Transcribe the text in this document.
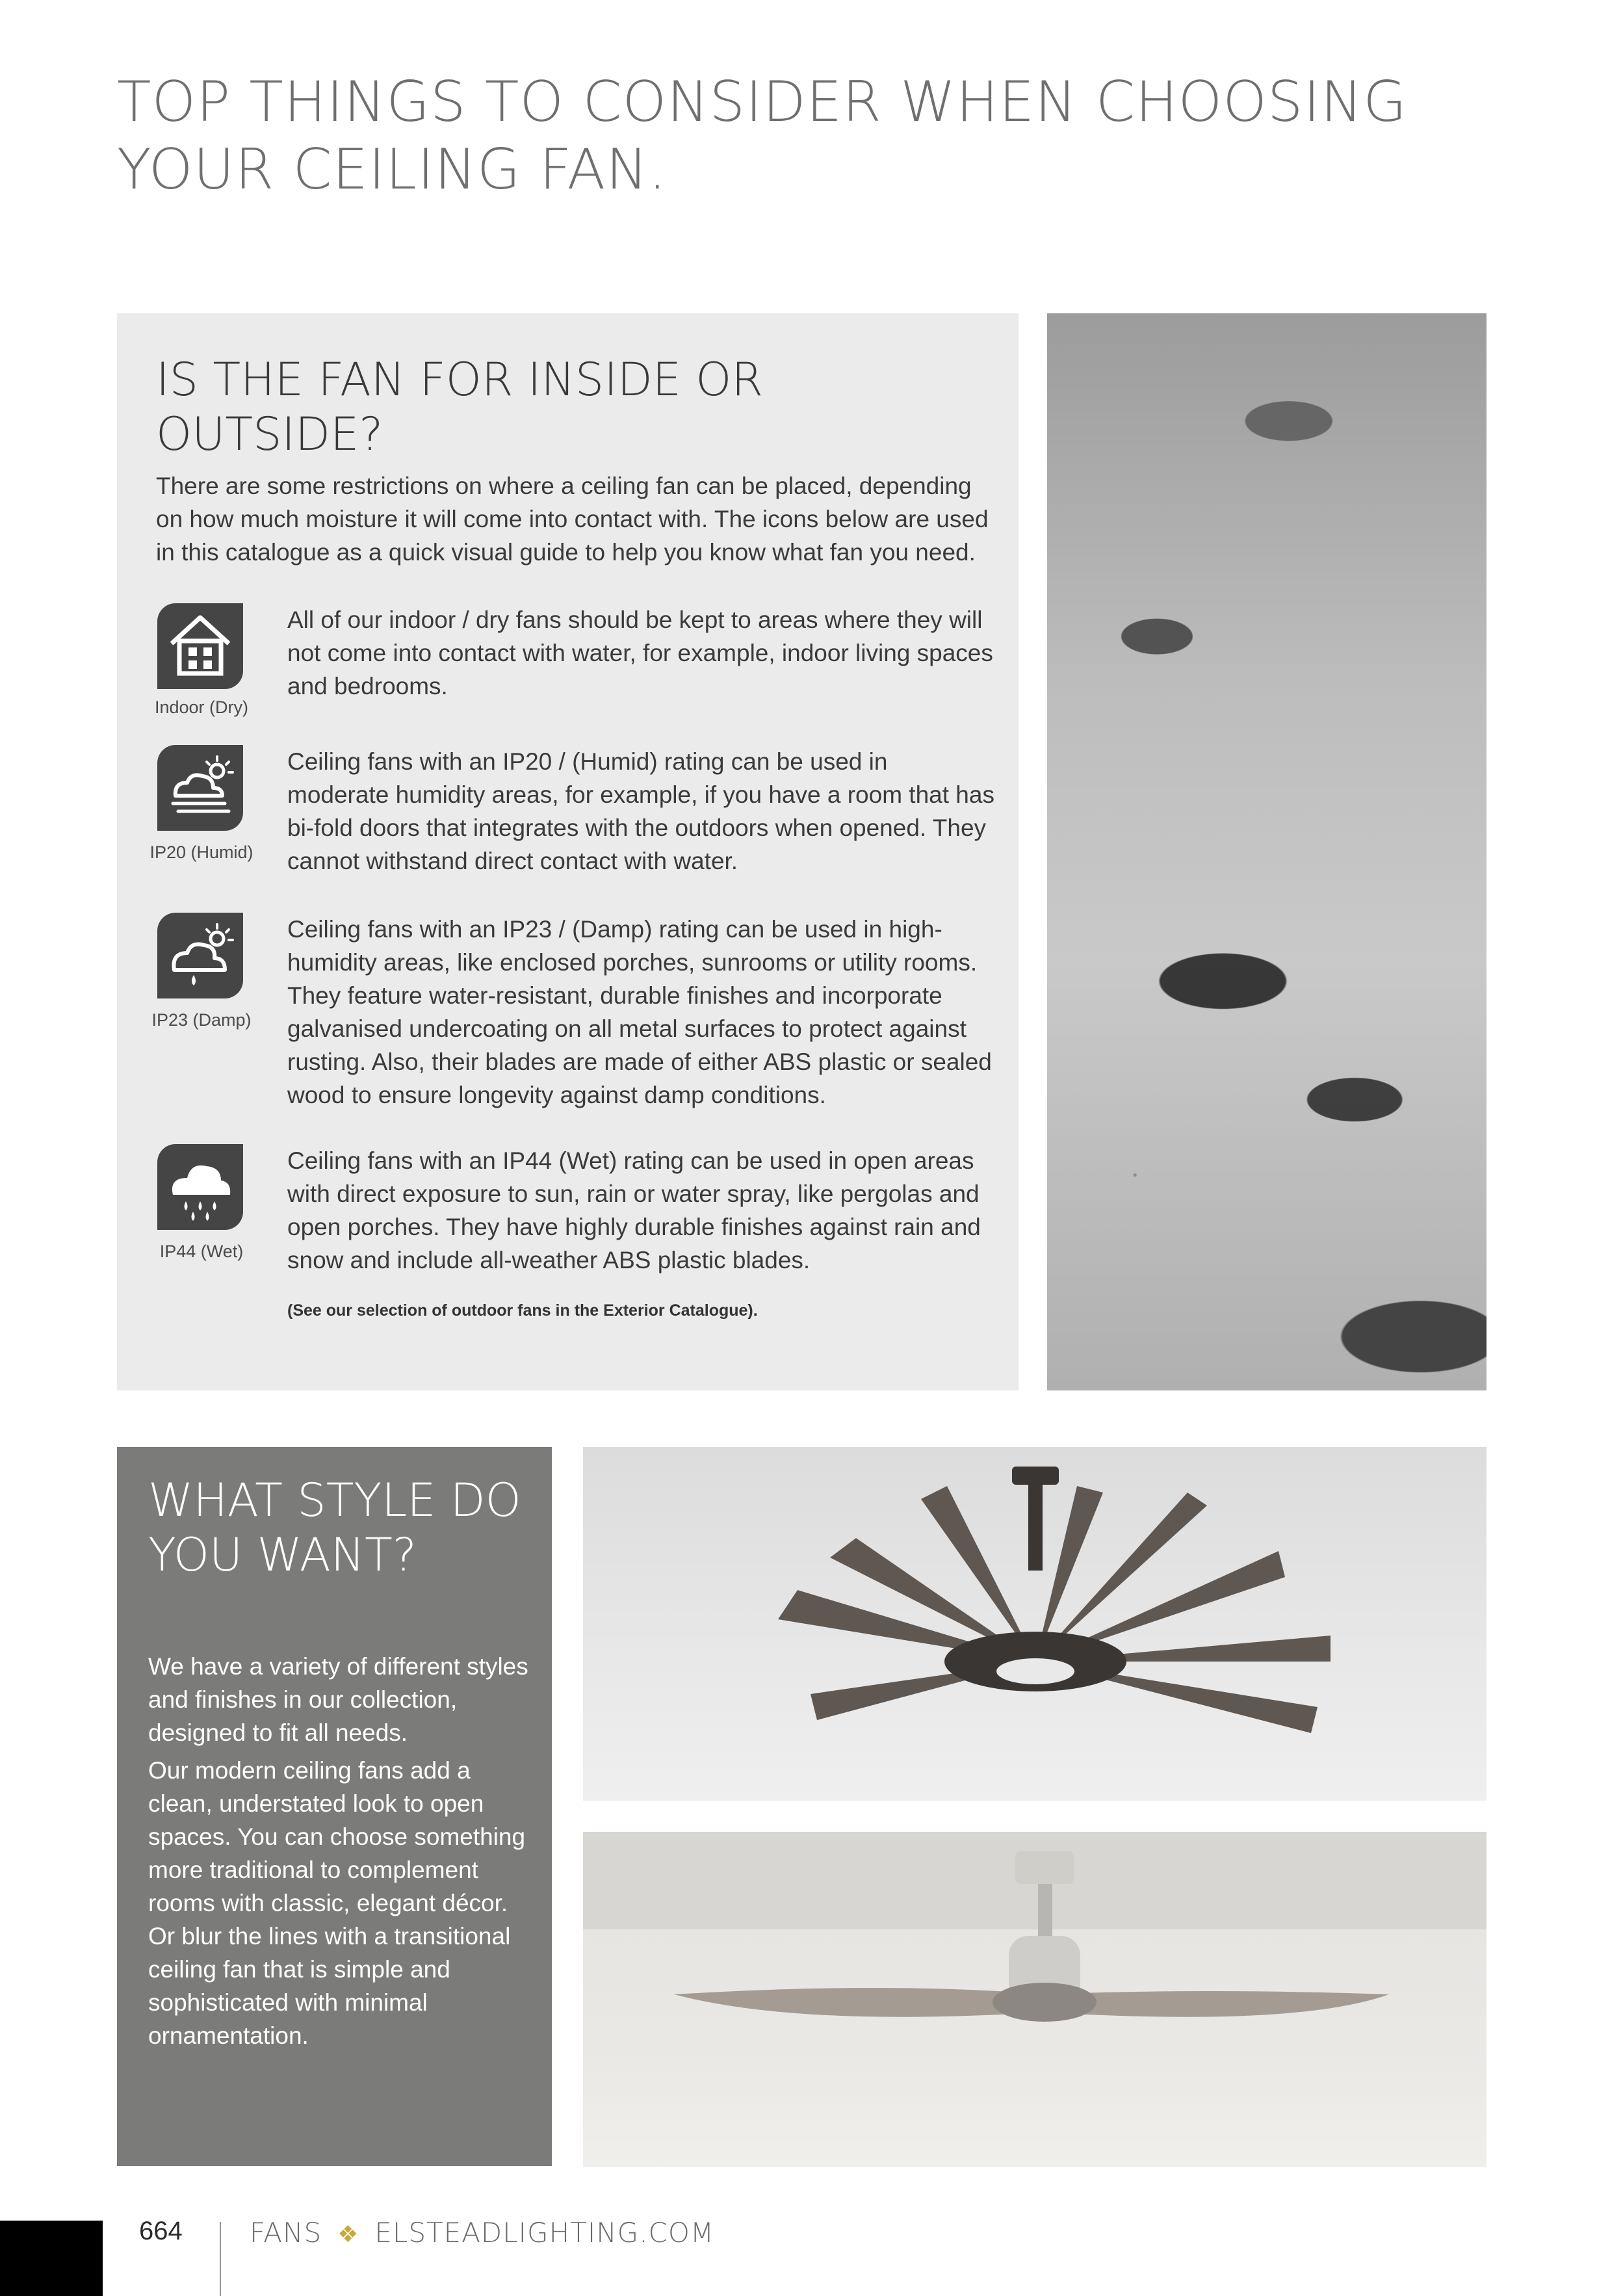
TOP THINGS TO CONSIDER WHEN CHOOSING YOUR CEILING FAN.
IS THE FAN FOR INSIDE OR OUTSIDE?

There are some restrictions on where a ceiling fan can be placed, depending on how much moisture it will come into contact with. The icons below are used in this catalogue as a quick visual guide to help you know what fan you need.

Indoor (Dry)

All of our indoor / dry fans should be kept to areas where they will not come into contact with water, for example, indoor living spaces and bedrooms.

IP20 (Humid)

Ceiling fans with an IP20 / (Humid) rating can be used in moderate humidity areas, for example, if you have a room that has bi-fold doors that integrates with the outdoors when opened. They cannot withstand direct contact with water.

IP23 (Damp)

Ceiling fans with an IP23 / (Damp) rating can be used in high-humidity areas, like enclosed porches, sunrooms or utility rooms. They feature water-resistant, durable finishes and incorporate galvanised undercoating on all metal surfaces to protect against rusting. Also, their blades are made of either ABS plastic or sealed wood to ensure longevity against damp conditions.

IP44 (Wet)

Ceiling fans with an IP44 (Wet) rating can be used in open areas with direct exposure to sun, rain or water spray, like pergolas and open porches. They have highly durable finishes against rain and snow and include all-weather ABS plastic blades.

(See our selection of outdoor fans in the Exterior Catalogue).

WHAT STYLE DO YOU WANT?

We have a variety of different styles and finishes in our collection, designed to fit all needs.

Our modern ceiling fans add a clean, understated look to open spaces. You can choose something more traditional to complement rooms with classic, elegant décor. Or blur the lines with a transitional ceiling fan that is simple and sophisticated with minimal ornamentation.

664 FANS ❖ ELSTEADLIGHTING.COM
